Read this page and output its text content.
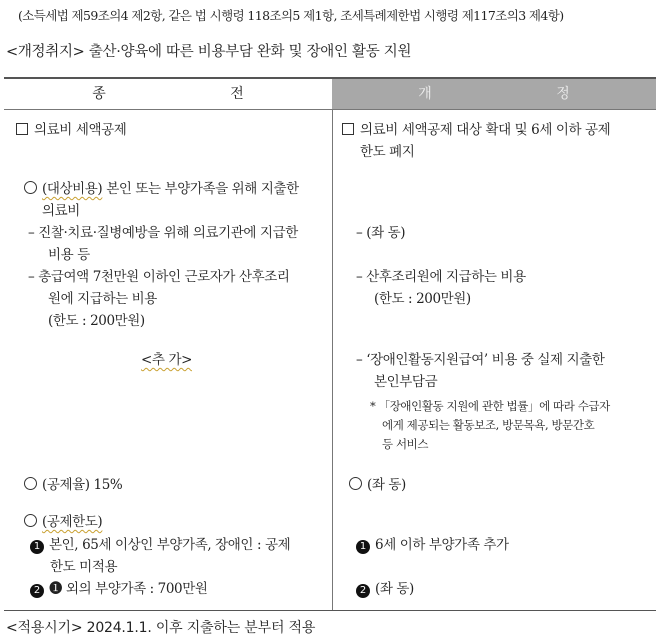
(소득세법 제59조의4 제2항, 같은 법 시행령 118조의5 제1항, 조세특례제한법 시행령 제117조의3 제4항)
<개정취지> 출산·양육에 따른 비용부담 완화 및 장애인 활동 지원
종 전	개 정
의료비 세액공제
(대상비용) 본인 또는 부양가족을 위해 지출한
의료비
– 진찰·치료·질병예방을 위해 의료기관에 지급한
비용 등
– 총급여액 7천만원 이하인 근로자가 산후조리
원에 지급하는 비용
(한도 : 200만원)
<추 가>
(공제율) 15%
(공제한도)
1 본인, 65세 이상인 부양가족, 장애인 : 공제
한도 미적용
2 ❶ 외의 부양가족 : 700만원
의료비 세액공제 대상 확대 및 6세 이하 공제
한도 폐지
– (좌 동)
– 산후조리원에 지급하는 비용
(한도 : 200만원)
– ‘장애인활동지원급여’ 비용 중 실제 지출한
본인부담금
* 「장애인활동 지원에 관한 법률」에 따라 수급자
에게 제공되는 활동보조, 방문목욕, 방문간호
등 서비스
(좌 동)
1 6세 이하 부양가족 추가
2 (좌 동)
<적용시기> 2024.1.1. 이후 지출하는 분부터 적용
